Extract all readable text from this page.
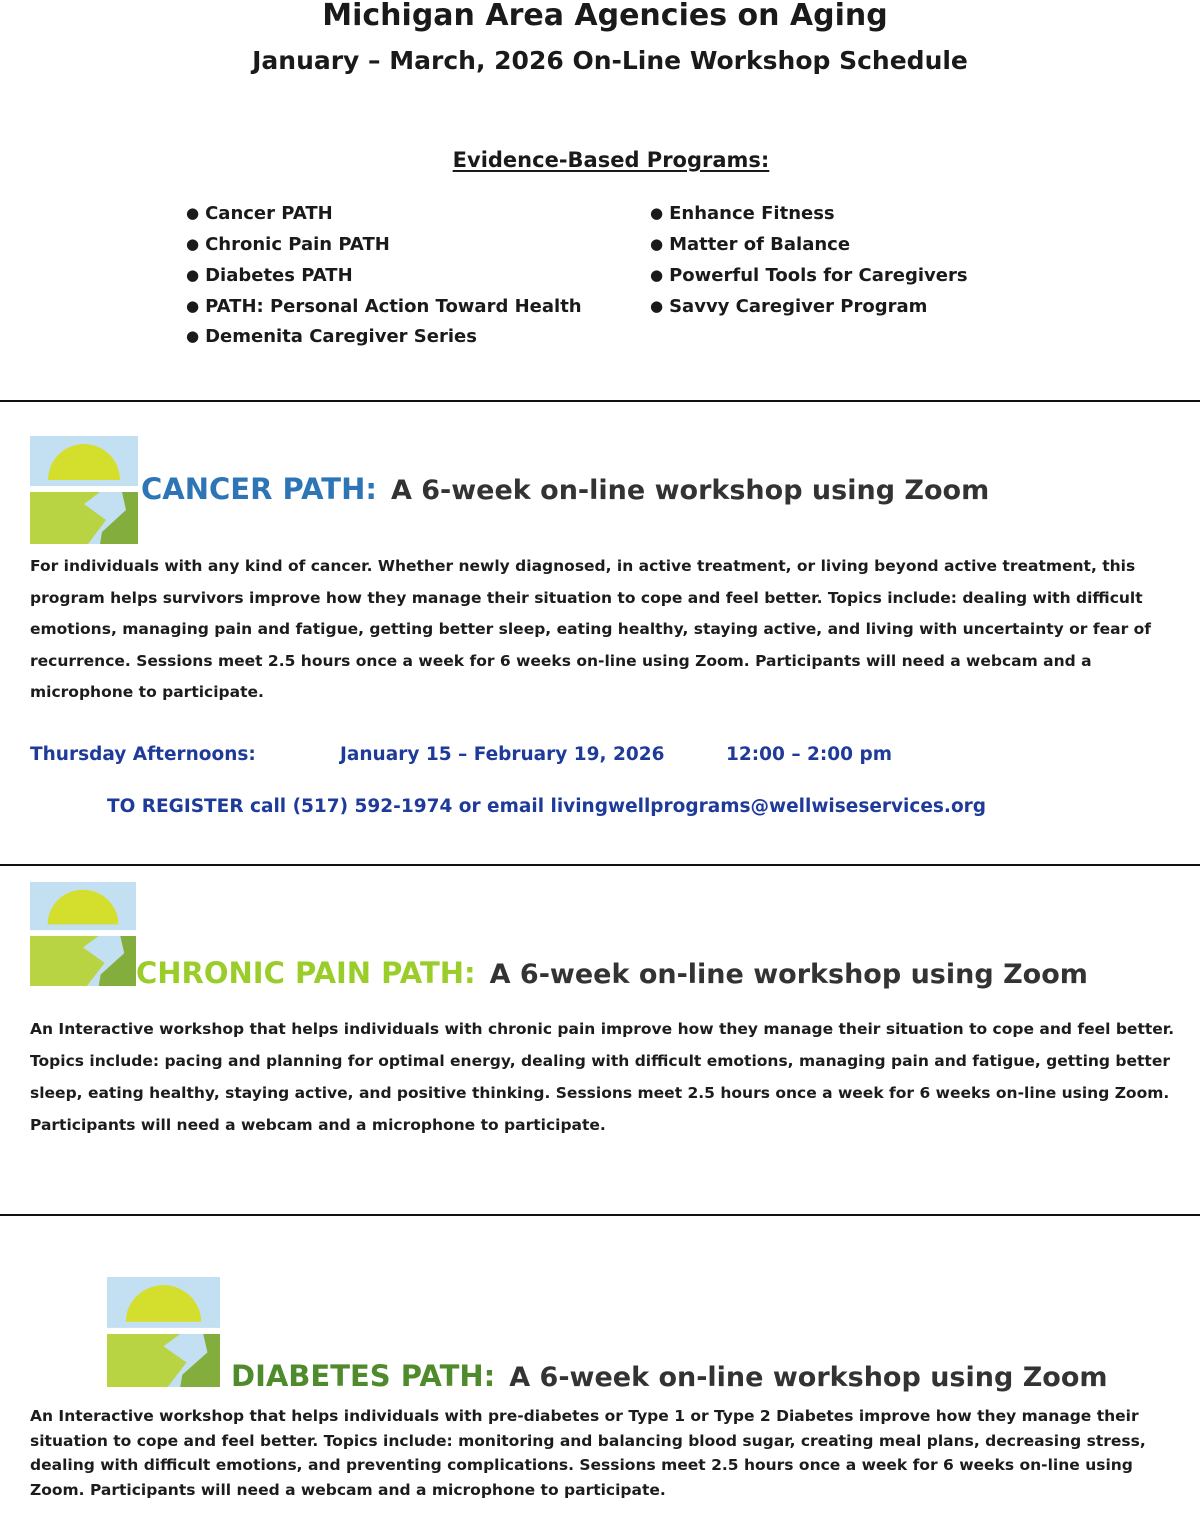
Michigan Area Agencies on Aging
January – March, 2026 On-Line Workshop Schedule
Evidence-Based Programs:
● Cancer PATH
● Chronic Pain PATH
● Diabetes PATH
● PATH: Personal Action Toward Health
● Demenita Caregiver Series
● Enhance Fitness
● Matter of Balance
● Powerful Tools for Caregivers
● Savvy Caregiver Program
CANCER PATH: A 6-week on-line workshop using Zoom
For individuals with any kind of cancer. Whether newly diagnosed, in active treatment, or living beyond active treatment, this program helps survivors improve how they manage their situation to cope and feel better. Topics include: dealing with difficult emotions, managing pain and fatigue, getting better sleep, eating healthy, staying active, and living with uncertainty or fear of recurrence. Sessions meet 2.5 hours once a week for 6 weeks on-line using Zoom. Participants will need a webcam and a microphone to participate.
Thursday Afternoons:	January 15 – February 19, 2026	12:00 – 2:00 pm
TO REGISTER call (517) 592-1974 or email livingwellprograms@wellwiseservices.org
CHRONIC PAIN PATH: A 6-week on-line workshop using Zoom
An Interactive workshop that helps individuals with chronic pain improve how they manage their situation to cope and feel better. Topics include: pacing and planning for optimal energy, dealing with difficult emotions, managing pain and fatigue, getting better sleep, eating healthy, staying active, and positive thinking. Sessions meet 2.5 hours once a week for 6 weeks on-line using Zoom. Participants will need a webcam and a microphone to participate.
DIABETES PATH: A 6-week on-line workshop using Zoom
An Interactive workshop that helps individuals with pre-diabetes or Type 1 or Type 2 Diabetes improve how they manage their situation to cope and feel better. Topics include: monitoring and balancing blood sugar, creating meal plans, decreasing stress, dealing with difficult emotions, and preventing complications. Sessions meet 2.5 hours once a week for 6 weeks on-line using Zoom. Participants will need a webcam and a microphone to participate.
